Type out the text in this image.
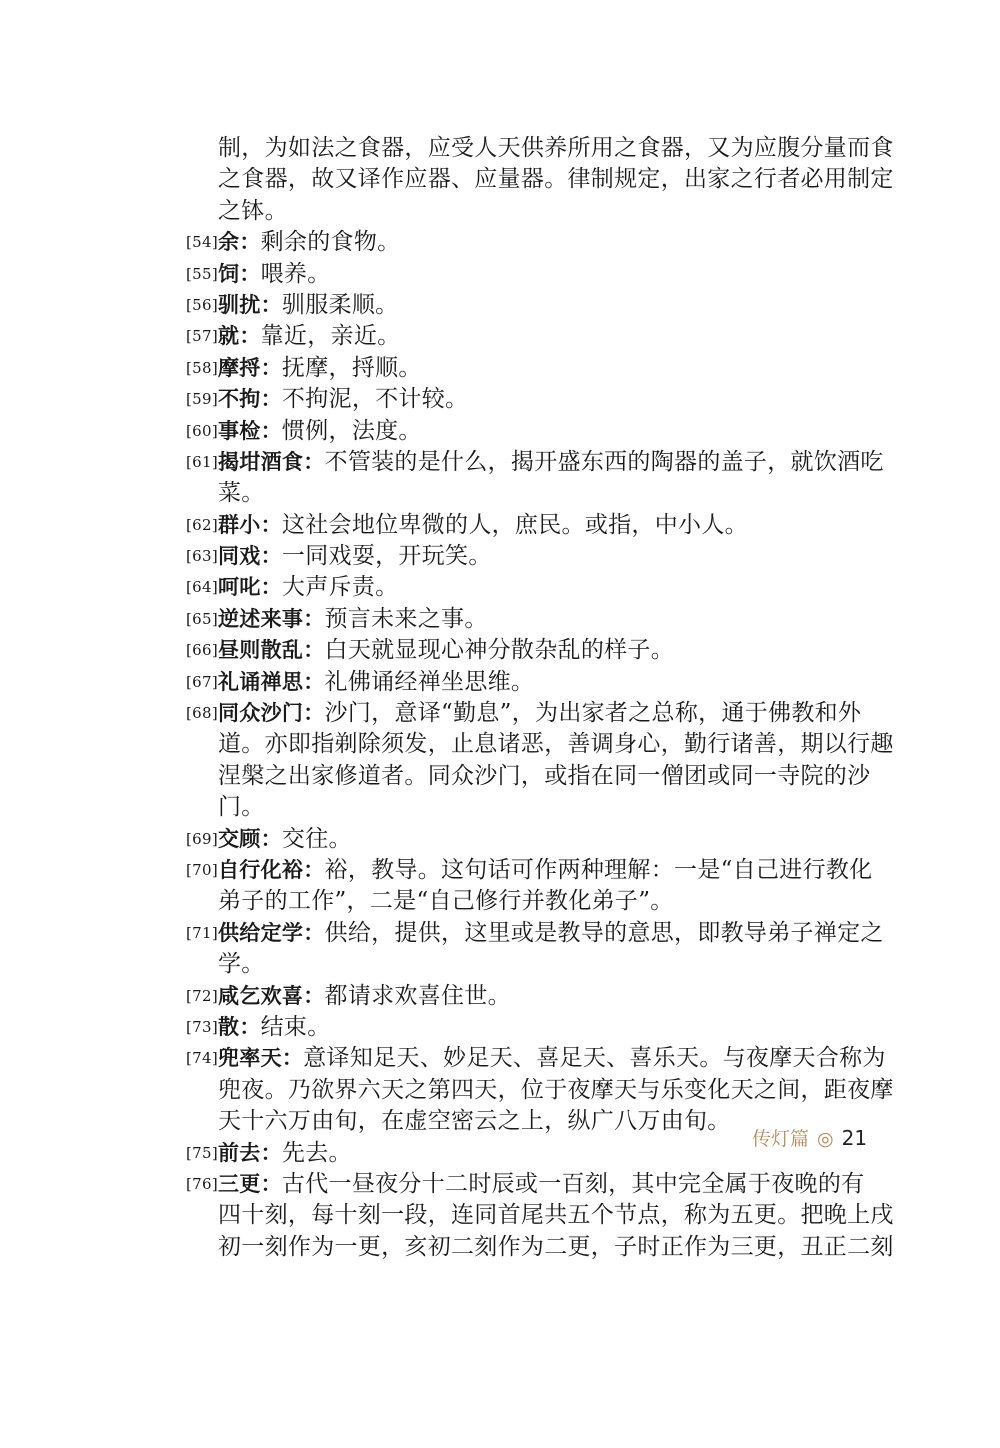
制，为如法之食器，应受人天供养所用之食器，又为应腹分量而食
之食器，故又译作应器、应量器。律制规定，出家之行者必用制定
之钵。
[54]余：剩余的食物。
[55]饲：喂养。
[56]驯扰：驯服柔顺。
[57]就：靠近，亲近。
[58]摩捋：抚摩，捋顺。
[59]不拘：不拘泥，不计较。
[60]事检：惯例，法度。
[61]揭坩酒食：不管装的是什么，揭开盛东西的陶器的盖子，就饮酒吃
菜。
[62]群小：这社会地位卑微的人，庶民。或指，中小人。
[63]同戏：一同戏耍，开玩笑。
[64]呵叱：大声斥责。
[65]逆述来事：预言未来之事。
[66]昼则散乱：白天就显现心神分散杂乱的样子。
[67]礼诵禅思：礼佛诵经禅坐思维。
[68]同众沙门：沙门，意译“勤息”，为出家者之总称，通于佛教和外
道。亦即指剃除须发，止息诸恶，善调身心，勤行诸善，期以行趣
涅槃之出家修道者。同众沙门，或指在同一僧团或同一寺院的沙
门。
[69]交顾：交往。
[70]自行化裕：裕，教导。这句话可作两种理解：一是“自己进行教化
弟子的工作”，二是“自己修行并教化弟子”。
[71]供给定学：供给，提供，这里或是教导的意思，即教导弟子禅定之
学。
[72]咸乞欢喜：都请求欢喜住世。
[73]散：结束。
[74]兜率天：意译知足天、妙足天、喜足天、喜乐天。与夜摩天合称为
兜夜。乃欲界六天之第四天，位于夜摩天与乐变化天之间，距夜摩
天十六万由旬，在虚空密云之上，纵广八万由旬。
[75]前去：先去。
[76]三更：古代一昼夜分十二时辰或一百刻，其中完全属于夜晚的有
四十刻，每十刻一段，连同首尾共五个节点，称为五更。把晚上戌
初一刻作为一更，亥初二刻作为二更，子时正作为三更，丑正二刻
传灯篇 ◎ 21
